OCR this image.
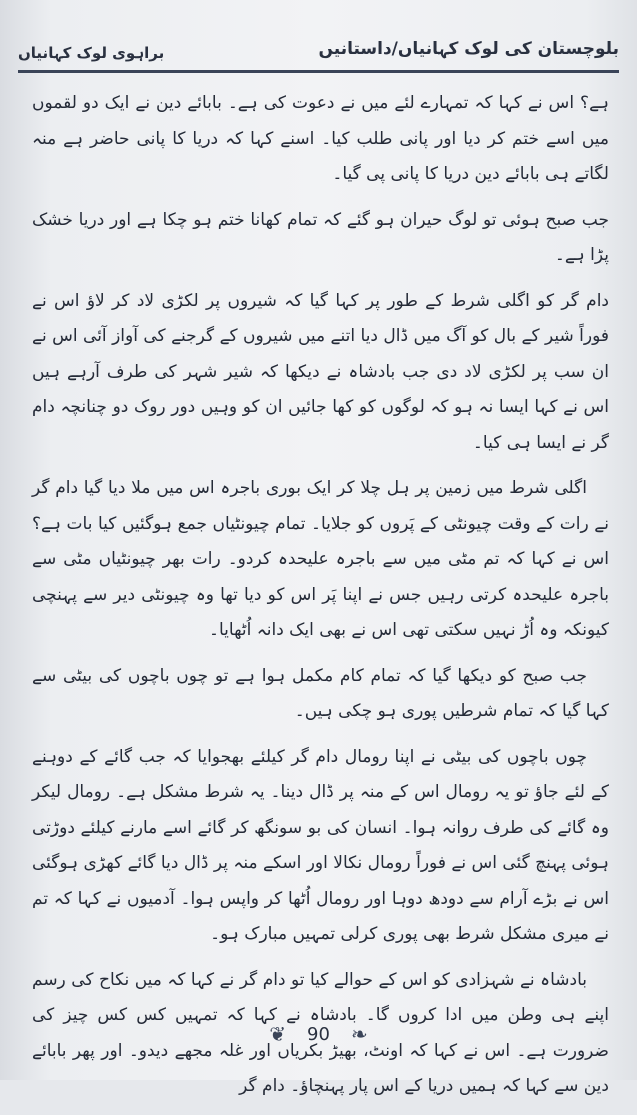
بلوچستان کی لوک کہانیاں/داستانیں
براہوی لوک کہانیاں

ہے؟ اس نے کہا کہ تمہارے لئے میں نے دعوت کی ہے۔ بابائے دین نے ایک دو لقموں میں اسے ختم کر دیا اور پانی طلب کیا۔ اسنے کہا کہ دریا کا پانی حاضر ہے منہ لگاتے ہی بابائے دین دریا کا پانی پی گیا۔

جب صبح ہوئی تو لوگ حیران ہو گئے کہ تمام کھانا ختم ہو چکا ہے اور دریا خشک پڑا ہے۔

دام گر کو اگلی شرط کے طور پر کہا گیا کہ شیروں پر لکڑی لاد کر لاؤ اس نے فوراً شیر کے بال کو آگ میں ڈال دیا اتنے میں شیروں کے گرجنے کی آواز آئی اس نے ان سب پر لکڑی لاد دی جب بادشاہ نے دیکھا کہ شیر شہر کی طرف آرہے ہیں اس نے کہا ایسا نہ ہو کہ لوگوں کو کھا جائیں ان کو وہیں دور روک دو چنانچہ دام گر نے ایسا ہی کیا۔

اگلی شرط میں زمین پر ہل چلا کر ایک بوری باجرہ اس میں ملا دیا گیا دام گر نے رات کے وقت چیونٹی کے پَروں کو جلایا۔ تمام چیونٹیاں جمع ہوگئیں کیا بات ہے؟ اس نے کہا کہ تم مٹی میں سے باجرہ علیحدہ کردو۔ رات بھر چیونٹیاں مٹی سے باجرہ علیحدہ کرتی رہیں جس نے اپنا پَر اس کو دیا تھا وہ چیونٹی دیر سے پہنچی کیونکہ وہ اُڑ نہیں سکتی تھی اس نے بھی ایک دانہ اُٹھایا۔

جب صبح کو دیکھا گیا کہ تمام کام مکمل ہوا ہے تو چوں باچوں کی بیٹی سے کہا گیا کہ تمام شرطیں پوری ہو چکی ہیں۔

چوں باچوں کی بیٹی نے اپنا رومال دام گر کیلئے بھجوایا کہ جب گائے کے دوہنے کے لئے جاؤ تو یہ رومال اس کے منہ پر ڈال دینا۔ یہ شرط مشکل ہے۔ رومال لیکر وہ گائے کی طرف روانہ ہوا۔ انسان کی بو سونگھ کر گائے اسے مارنے کیلئے دوڑتی ہوئی پہنچ گئی اس نے فوراً رومال نکالا اور اسکے منہ پر ڈال دیا گائے کھڑی ہوگئی اس نے بڑے آرام سے دودھ دوہا اور رومال اُٹھا کر واپس ہوا۔ آدمیوں نے کہا کہ تم نے میری مشکل شرط بھی پوری کرلی تمہیں مبارک ہو۔

بادشاہ نے شہزادی کو اس کے حوالے کیا تو دام گر نے کہا کہ میں نکاح کی رسم اپنے ہی وطن میں ادا کروں گا۔ بادشاہ نے کہا کہ تمہیں کس کس چیز کی ضرورت ہے۔ اس نے کہا کہ اونٹ، بھیڑ بکریاں اور غلہ مجھے دیدو۔ اور پھر بابائے دین سے کہا کہ ہمیں دریا کے اس پار پہنچاؤ۔ دام گر

❦ 90 ❧
